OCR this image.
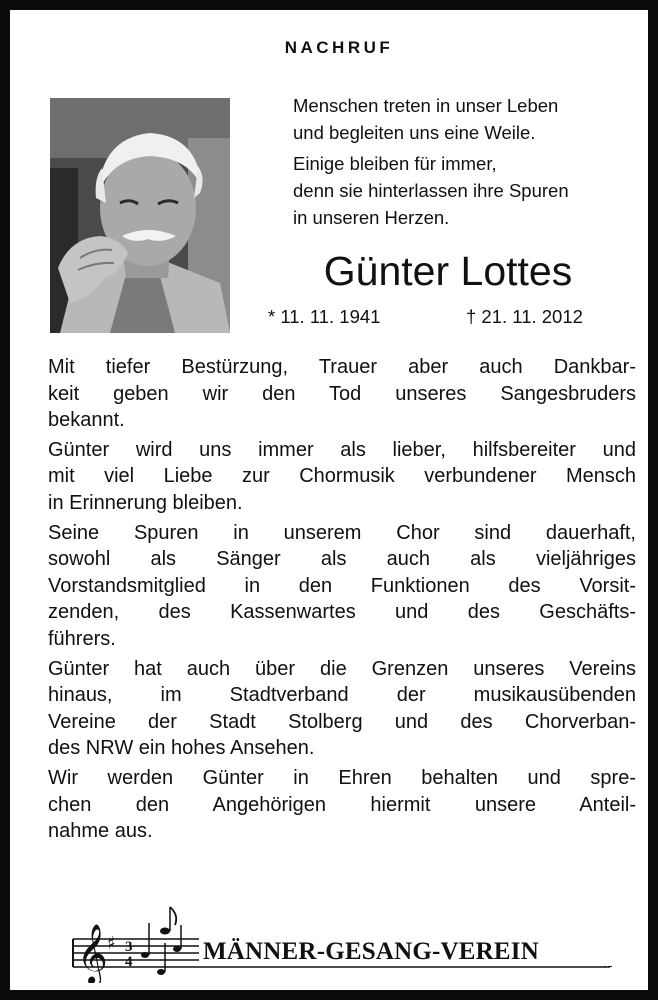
NACHRUF
Menschen treten in unser Leben
und begleiten uns eine Weile.
Einige bleiben für immer,
denn sie hinterlassen ihre Spuren
in unseren Herzen.
Günter Lottes
* 11. 11. 1941	† 21. 11. 2012
Mit tiefer Bestürzung, Trauer aber auch Dankbar-
keit geben wir den Tod unseres Sangesbruders
bekannt.
Günter wird uns immer als lieber, hilfsbereiter und
mit viel Liebe zur Chormusik verbundener Mensch
in Erinnerung bleiben.
Seine Spuren in unserem Chor sind dauerhaft,
sowohl als Sänger als auch als vieljähriges
Vorstandsmitglied in den Funktionen des Vorsit-
zenden, des Kassenwartes und des Geschäfts-
führers.
Günter hat auch über die Grenzen unseres Vereins
hinaus, im Stadtverband der musikausübenden
Vereine der Stadt Stolberg und des Chorverban-
des NRW ein hohes Ansehen.
Wir werden Günter in Ehren behalten und spre-
chen den Angehörigen hiermit unsere Anteil-
nahme aus.
𝄞 ♯ 3
4	MÄNNER-GESANG-VEREIN
